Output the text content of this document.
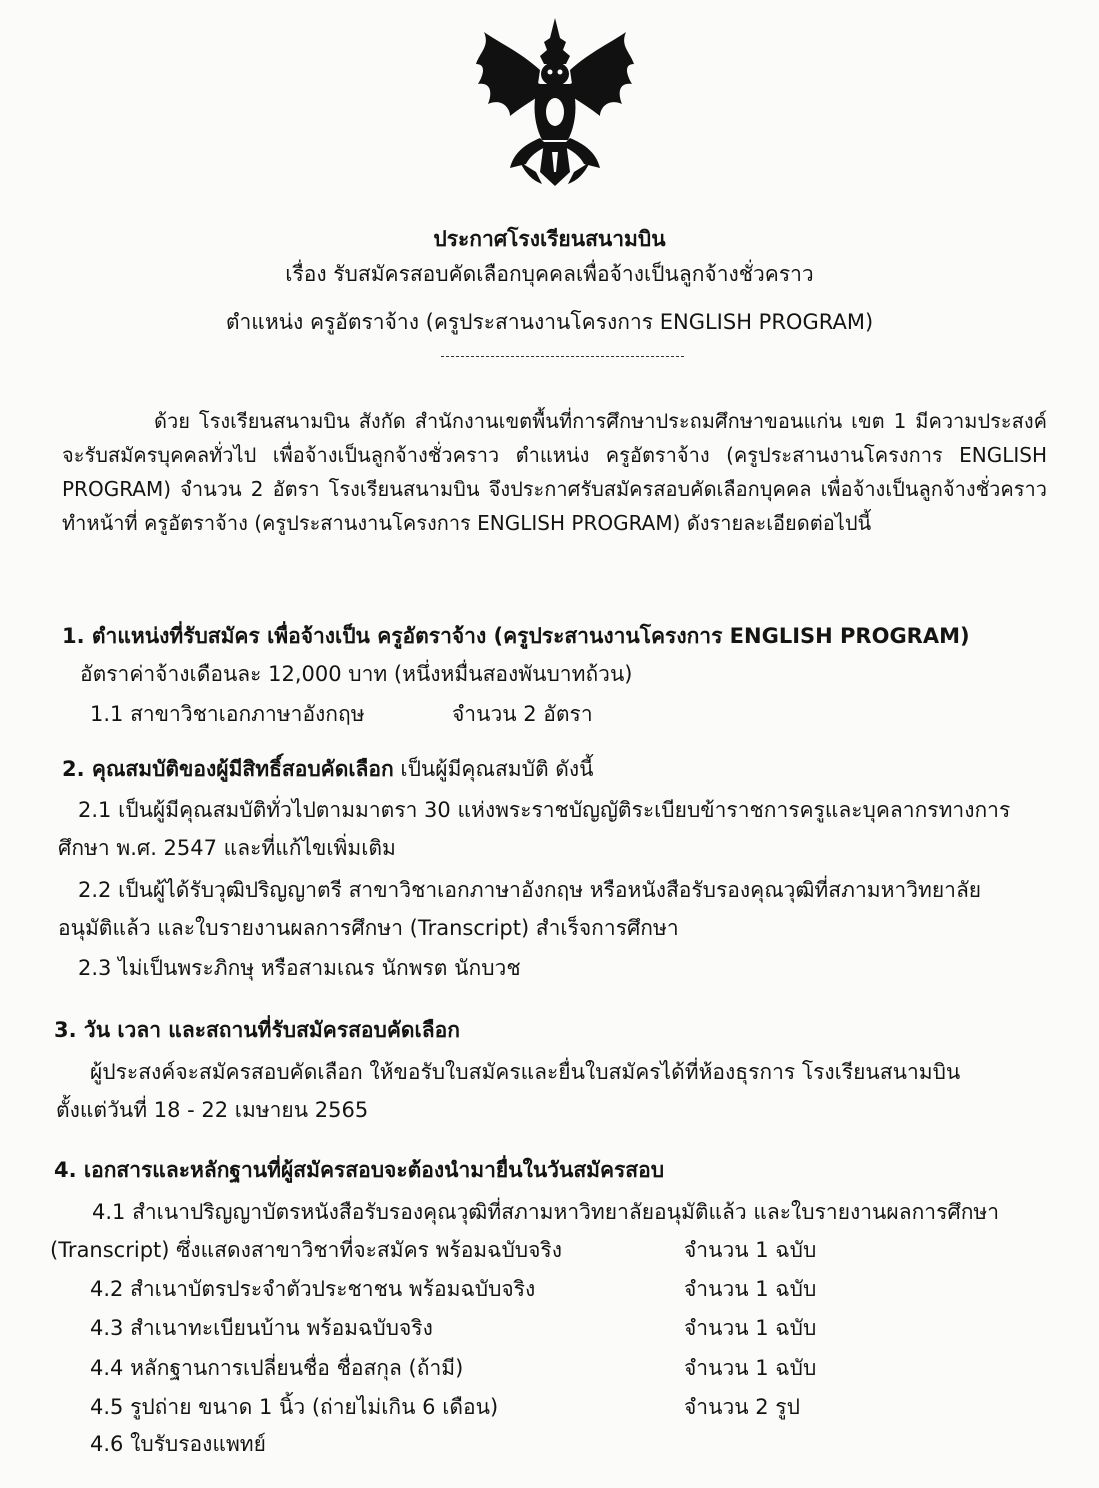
ประกาศโรงเรียนสนามบิน
เรื่อง รับสมัครสอบคัดเลือกบุคคลเพื่อจ้างเป็นลูกจ้างชั่วคราว
ตำแหน่ง ครูอัตราจ้าง (ครูประสานงานโครงการ ENGLISH PROGRAM)
ด้วย โรงเรียนสนามบิน สังกัด สำนักงานเขตพื้นที่การศึกษาประถมศึกษาขอนแก่น เขต 1 มีความประสงค์จะรับสมัครบุคคลทั่วไป เพื่อจ้างเป็นลูกจ้างชั่วคราว ตำแหน่ง ครูอัตราจ้าง (ครูประสานงานโครงการ ENGLISH PROGRAM) จำนวน 2 อัตรา โรงเรียนสนามบิน จึงประกาศรับสมัครสอบคัดเลือกบุคคล เพื่อจ้างเป็นลูกจ้างชั่วคราว ทำหน้าที่ ครูอัตราจ้าง (ครูประสานงานโครงการ ENGLISH PROGRAM) ดังรายละเอียดต่อไปนี้
1. ตำแหน่งที่รับสมัคร เพื่อจ้างเป็น ครูอัตราจ้าง (ครูประสานงานโครงการ ENGLISH PROGRAM)
อัตราค่าจ้างเดือนละ 12,000 บาท (หนึ่งหมื่นสองพันบาทถ้วน)
1.1 สาขาวิชาเอกภาษาอังกฤษ	จำนวน 2 อัตรา
2. คุณสมบัติของผู้มีสิทธิ์สอบคัดเลือก เป็นผู้มีคุณสมบัติ ดังนี้
2.1 เป็นผู้มีคุณสมบัติทั่วไปตามมาตรา 30 แห่งพระราชบัญญัติระเบียบข้าราชการครูและบุคลากรทางการ
ศึกษา พ.ศ. 2547 และที่แก้ไขเพิ่มเติม
2.2 เป็นผู้ได้รับวุฒิปริญญาตรี สาขาวิชาเอกภาษาอังกฤษ หรือหนังสือรับรองคุณวุฒิที่สภามหาวิทยาลัย
อนุมัติแล้ว และใบรายงานผลการศึกษา (Transcript) สำเร็จการศึกษา
2.3 ไม่เป็นพระภิกษุ หรือสามเณร นักพรต นักบวช
3. วัน เวลา และสถานที่รับสมัครสอบคัดเลือก
ผู้ประสงค์จะสมัครสอบคัดเลือก ให้ขอรับใบสมัครและยื่นใบสมัครได้ที่ห้องธุรการ โรงเรียนสนามบิน
ตั้งแต่วันที่ 18 - 22 เมษายน 2565
4. เอกสารและหลักฐานที่ผู้สมัครสอบจะต้องนำมายื่นในวันสมัครสอบ
4.1 สำเนาปริญญาบัตรหนังสือรับรองคุณวุฒิที่สภามหาวิทยาลัยอนุมัติแล้ว และใบรายงานผลการศึกษา
(Transcript) ซึ่งแสดงสาขาวิชาที่จะสมัคร พร้อมฉบับจริง	จำนวน 1 ฉบับ
4.2 สำเนาบัตรประจำตัวประชาชน พร้อมฉบับจริง	จำนวน 1 ฉบับ
4.3 สำเนาทะเบียนบ้าน พร้อมฉบับจริง	จำนวน 1 ฉบับ
4.4 หลักฐานการเปลี่ยนชื่อ ชื่อสกุล (ถ้ามี)	จำนวน 1 ฉบับ
4.5 รูปถ่าย ขนาด 1 นิ้ว (ถ่ายไม่เกิน 6 เดือน)	จำนวน 2 รูป
4.6 ใบรับรองแพทย์
